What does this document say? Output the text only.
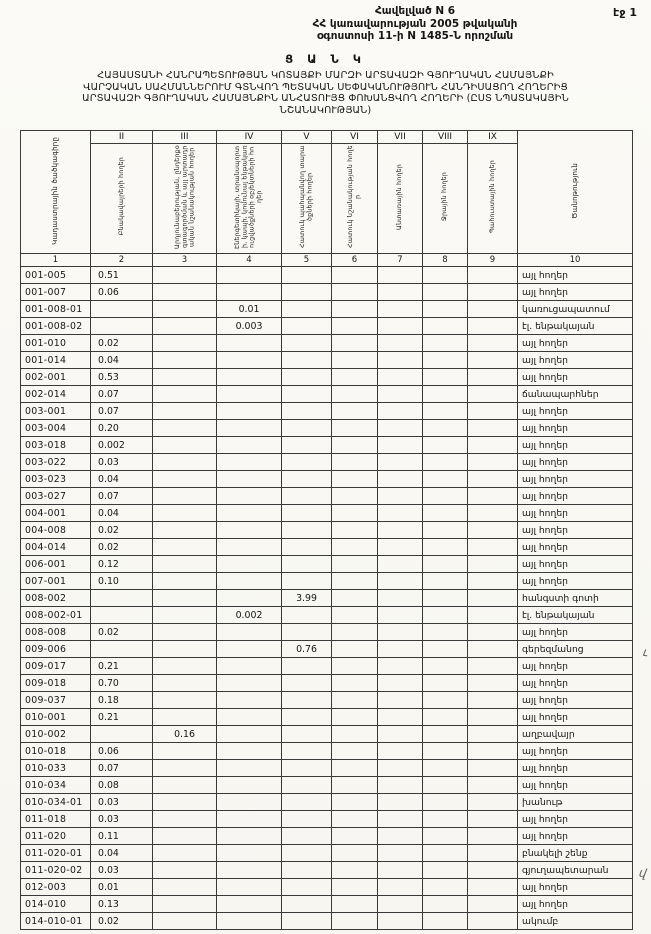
էջ 1
Հավելված N 6
ՀՀ կառավարության 2005 թվականի
օգոստոսի 11-ի N 1485-Ն որոշման
Ց Ա Ն Կ
ՀԱՅԱՍՏԱՆԻ ՀԱՆՐԱՊԵՏՈՒԹՅԱՆ ԿՈՏԱՅՔԻ ՄԱՐԶԻ ԱՐՏԱՎԱԶԻ ԳՅՈՒՂԱԿԱՆ ՀԱՄԱՅՆՔԻ
ՎԱՐՉԱԿԱՆ ՍԱՀՄԱՆՆԵՐՈՒՄ ԳՏՆՎՈՂ ՊԵՏԱԿԱՆ ՍԵՓԱԿԱՆՈՒԹՅՈՒՆ ՀԱՆԴԻՍԱՑՈՂ ՀՈՂԵՐԻՑ
ԱՐՏԱՎԱԶԻ ԳՅՈՒՂԱԿԱՆ ՀԱՄԱՅՆՔԻՆ ԱՆՀԱՏՈՒՅՑ ՓՈԽԱՆՑՎՈՂ ՀՈՂԵՐԻ (ԸՍՏ ՆՊԱՏԱԿԱՅԻՆ
ՆՇԱՆԱԿՈՒԹՅԱՆ)
Կադաստրային ծածկագիրը	II	III	IV	V	VI	VII	VIII	IX	Ծանոթություն
	Բնակավայրերի հողեր	Արդյունաբերության, ընդերքօգտագործման և այլ արտադրական նշանակության հողեր	Էներգետիկայի, տրանսպորտի, կապի, կոմունալ ենթակառուցվածքների օբյեկտների հողեր	Հատուկ պահպանվող տարածքների հողեր	Հատուկ նշանակության հողեր	Անտառային հողեր	Ջրային հողեր	Պահուստային հողեր	
1	2	3	4	5	6	7	8	9	10
001-005	0.51								այլ հողեր
001-007	0.06								այլ հողեր
001-008-01			0.01						կառուցապատում
001-008-02			0.003						էլ. ենթակայան
001-010	0.02								այլ հողեր
001-014	0.04								այլ հողեր
002-001	0.53								այլ հողեր
002-014	0.07								ճանապարհներ
003-001	0.07								այլ հողեր
003-004	0.20								այլ հողեր
003-018	0.002								այլ հողեր
003-022	0.03								այլ հողեր
003-023	0.04								այլ հողեր
003-027	0.07								այլ հողեր
004-001	0.04								այլ հողեր
004-008	0.02								այլ հողեր
004-014	0.02								այլ հողեր
006-001	0.12								այլ հողեր
007-001	0.10								այլ հողեր
008-002				3.99					հանգստի գոտի
008-002-01			0.002						էլ. ենթակայան
008-008	0.02								այլ հողեր
009-006				0.76					գերեզմանոց
009-017	0.21								այլ հողեր
009-018	0.70								այլ հողեր
009-037	0.18								այլ հողեր
010-001	0.21								այլ հողեր
010-002		0.16							աղբավայր
010-018	0.06								այլ հողեր
010-033	0.07								այլ հողեր
010-034	0.08								այլ հողեր
010-034-01	0.03								խանութ
011-018	0.03								այլ հողեր
011-020	0.11								այլ հողեր
011-020-01	0.04								բնակելի շենք
011-020-02	0.03								գյուղապետարան
012-003	0.01								այլ հողեր
014-010	0.13								այլ հողեր
014-010-01	0.02								ակումբ
ւ
վ
